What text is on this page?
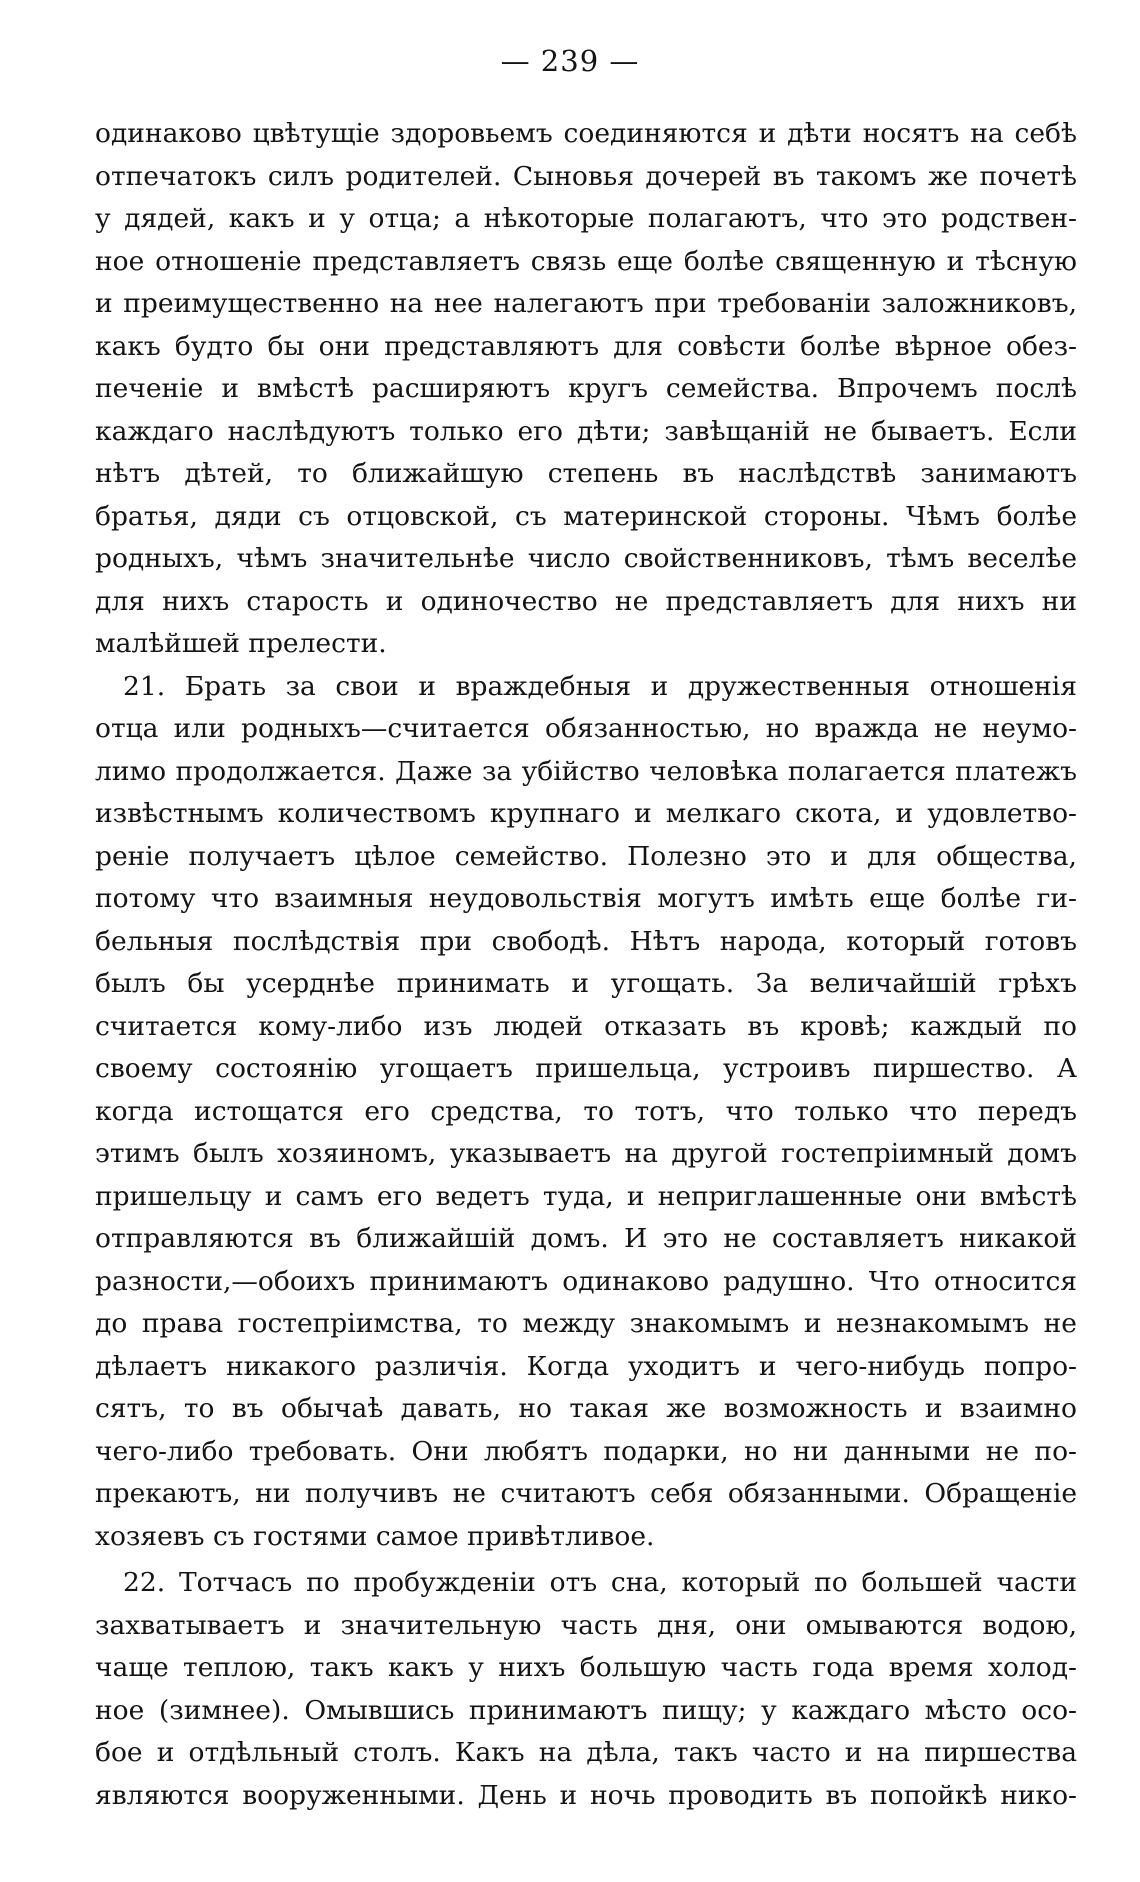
— 239 —
одинаково цвѣтущіе здоровьемъ соединяются и дѣти носятъ на себѣ
отпечатокъ силъ родителей. Сыновья дочерей въ такомъ же почетѣ
у дядей, какъ и у отца; а нѣкоторые полагаютъ, что это родствен-
ное отношеніе представляетъ связь еще болѣе священную и тѣсную
и преимущественно на нее налегаютъ при требованіи заложниковъ,
какъ будто бы они представляютъ для совѣсти болѣе вѣрное обез-
печеніе и вмѣстѣ расширяютъ кругъ семейства. Впрочемъ послѣ
каждаго наслѣдуютъ только его дѣти; завѣщаній не бываетъ. Если
нѣтъ дѣтей, то ближайшую степень въ наслѣдствѣ занимаютъ
братья, дяди съ отцовской, съ материнской стороны. Чѣмъ болѣе
родныхъ, чѣмъ значительнѣе число свойственниковъ, тѣмъ веселѣе
для нихъ старость и одиночество не представляетъ для нихъ ни
малѣйшей прелести.
21. Брать за свои и враждебныя и дружественныя отношенія
отца или родныхъ—считается обязанностью, но вражда не неумо-
лимо продолжается. Даже за убійство человѣка полагается платежъ
извѣстнымъ количествомъ крупнаго и мелкаго скота, и удовлетво-
реніе получаетъ цѣлое семейство. Полезно это и для общества,
потому что взаимныя неудовольствія могутъ имѣть еще болѣе ги-
бельныя послѣдствія при свободѣ. Нѣтъ народа, который готовъ
былъ бы усерднѣе принимать и угощать. За величайшій грѣхъ
считается кому-либо изъ людей отказать въ кровѣ; каждый по
своему состоянію угощаетъ пришельца, устроивъ пиршество. А
когда истощатся его средства, то тотъ, что только что передъ
этимъ былъ хозяиномъ, указываетъ на другой гостепріимный домъ
пришельцу и самъ его ведетъ туда, и неприглашенные они вмѣстѣ
отправляются въ ближайшій домъ. И это не составляетъ никакой
разности,—обоихъ принимаютъ одинаково радушно. Что относится
до права гостепріимства, то между знакомымъ и незнакомымъ не
дѣлаетъ никакого различія. Когда уходитъ и чего-нибудь попро-
сятъ, то въ обычаѣ давать, но такая же возможность и взаимно
чего-либо требовать. Они любятъ подарки, но ни данными не по-
прекаютъ, ни получивъ не считаютъ себя обязанными. Обращеніе
хозяевъ съ гостями самое привѣтливое.
22. Тотчасъ по пробужденіи отъ сна, который по большей части
захватываетъ и значительную часть дня, они омываются водою,
чаще теплою, такъ какъ у нихъ большую часть года время холод-
ное (зимнее). Омывшись принимаютъ пищу; у каждаго мѣсто осо-
бое и отдѣльный столъ. Какъ на дѣла, такъ часто и на пиршества
являются вооруженными. День и ночь проводить въ попойкѣ нико-
